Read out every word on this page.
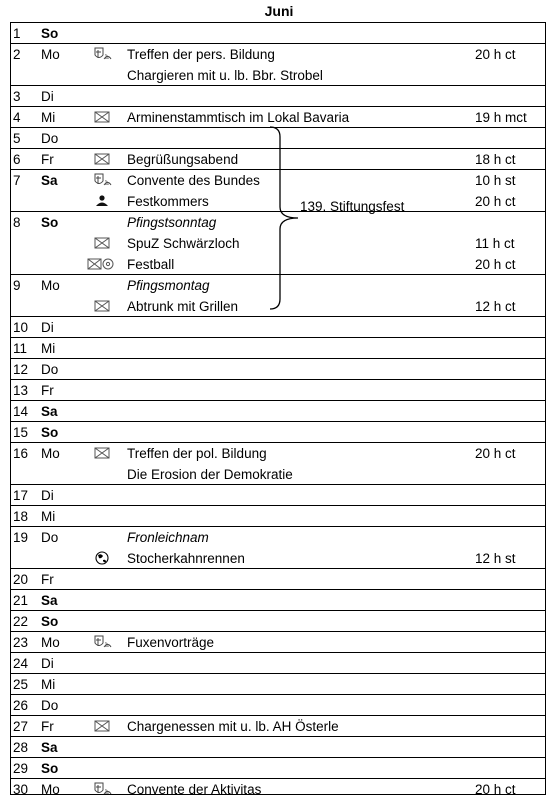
Juni
1	So
2	Mo	h Treffen der pers. Bildung	20 h ct
Chargieren mit u. lb. Bbr. Strobel
3	Di
4	Mi	Arminenstammtisch im Lokal Bavaria	19 h mct
5	Do
6	Fr	Begrüßungsabend	18 h ct
7	Sa	h Convente des Bundes	10 h st
Festkommers	20 h ct
8	So	Pfingstsonntag
SpuZ Schwärzloch	11 h ct
Festball	20 h ct
9	Mo	Pfingsmontag
Abtrunk mit Grillen	12 h ct
10 Di
11	Mi
12 Do
13 Fr
14 Sa
15 So
16 Mo	Treffen der pol. Bildung	20 h ct
Die Erosion der Demokratie
17 Di
18 Mi
19 Do	Fronleichnam
Stocherkahnrennen	12 h st
20 Fr
21 Sa
22 So
23 Mo	h Fuxenvorträge
24 Di
25 Mi
26 Do
27 Fr	Chargenessen mit u. lb. AH Österle
28 Sa
29 So
30 Mo	h Convente der Aktivitas	20 h ct
139. Stiftungsfest
